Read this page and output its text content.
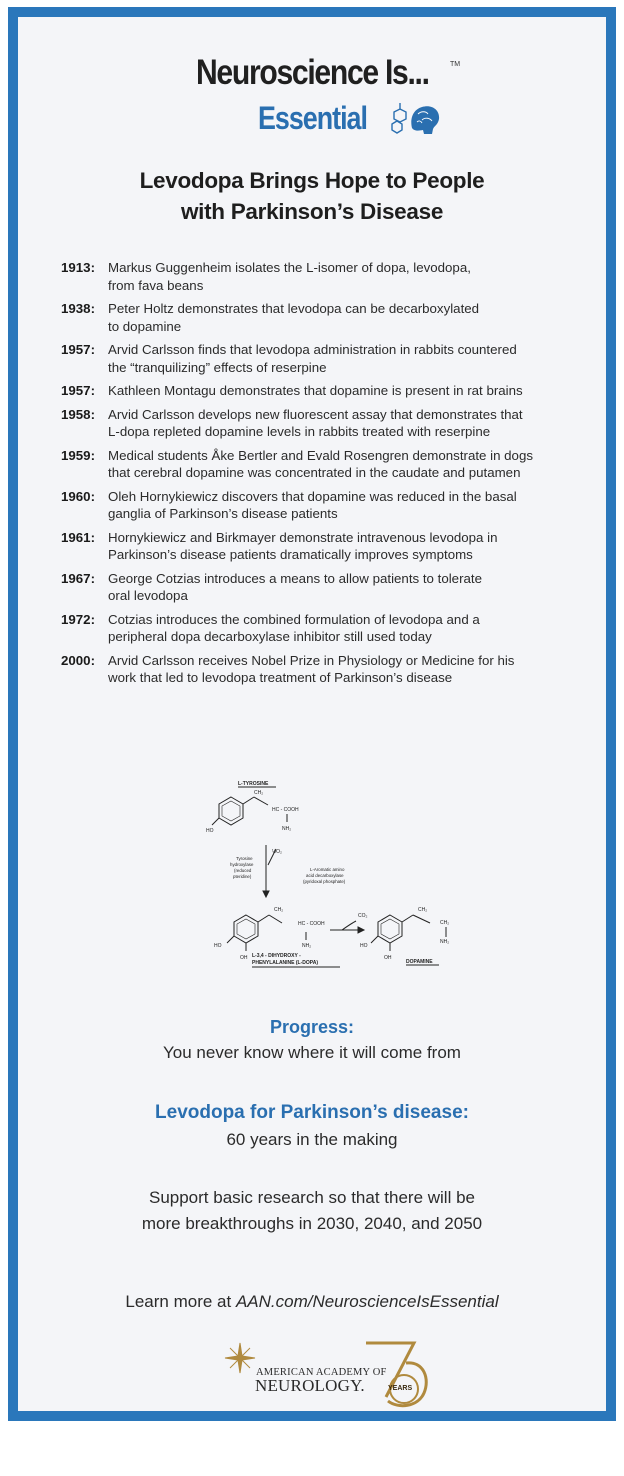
Neuroscience Is...	TM
Essential
Levodopa Brings Hope to People
with Parkinson’s Disease
1913: Markus Guggenheim isolates the L-isomer of dopa, levodopa,
from fava beans
1938: Peter Holtz demonstrates that levodopa can be decarboxylated
to dopamine
1957: Arvid Carlsson finds that levodopa administration in rabbits countered
the “tranquilizing” effects of reserpine
1957: Kathleen Montagu demonstrates that dopamine is present in rat brains
1958: Arvid Carlsson develops new fluorescent assay that demonstrates that
L-dopa repleted dopamine levels in rabbits treated with reserpine
1959: Medical students Åke Bertler and Evald Rosengren demonstrate in dogs
that cerebral dopamine was concentrated in the caudate and putamen
1960: Oleh Hornykiewicz discovers that dopamine was reduced in the basal
ganglia of Parkinson’s disease patients
1961: Hornykiewicz and Birkmayer demonstrate intravenous levodopa in
Parkinson’s disease patients dramatically improves symptoms
1967: George Cotzias introduces a means to allow patients to tolerate
oral levodopa
1972: Cotzias introduces the combined formulation of levodopa and a
peripheral dopa decarboxylase inhibitor still used today
2000: Arvid Carlsson receives Nobel Prize in Physiology or Medicine for his
work that led to levodopa treatment of Parkinson’s disease
L-TYROSINE
CH₂
HC - COOH
NH₂
HO
½O₂
Tyrosine
hydroxylase
(reduced
pteridine)
L-Aromatic amino
acid decarboxylase
(pyridoxal phosphate)
CO₂
CH₂
HC - COOH
NH₂
HO
OH L-3,4 - DIHYDROXY -
PHENYLALANINE (L-DOPA)
CH₂
CH₂
NH₂
HO
OH
DOPAMINE
Progress:
You never know where it will come from
Levodopa for Parkinson’s disease:
60 years in the making
Support basic research so that there will be
more breakthroughs in 2030, 2040, and 2050
Learn more at AAN.com/NeuroscienceIsEssential
AMERICAN ACADEMY OF
NEUROLOGY.	YEARS
